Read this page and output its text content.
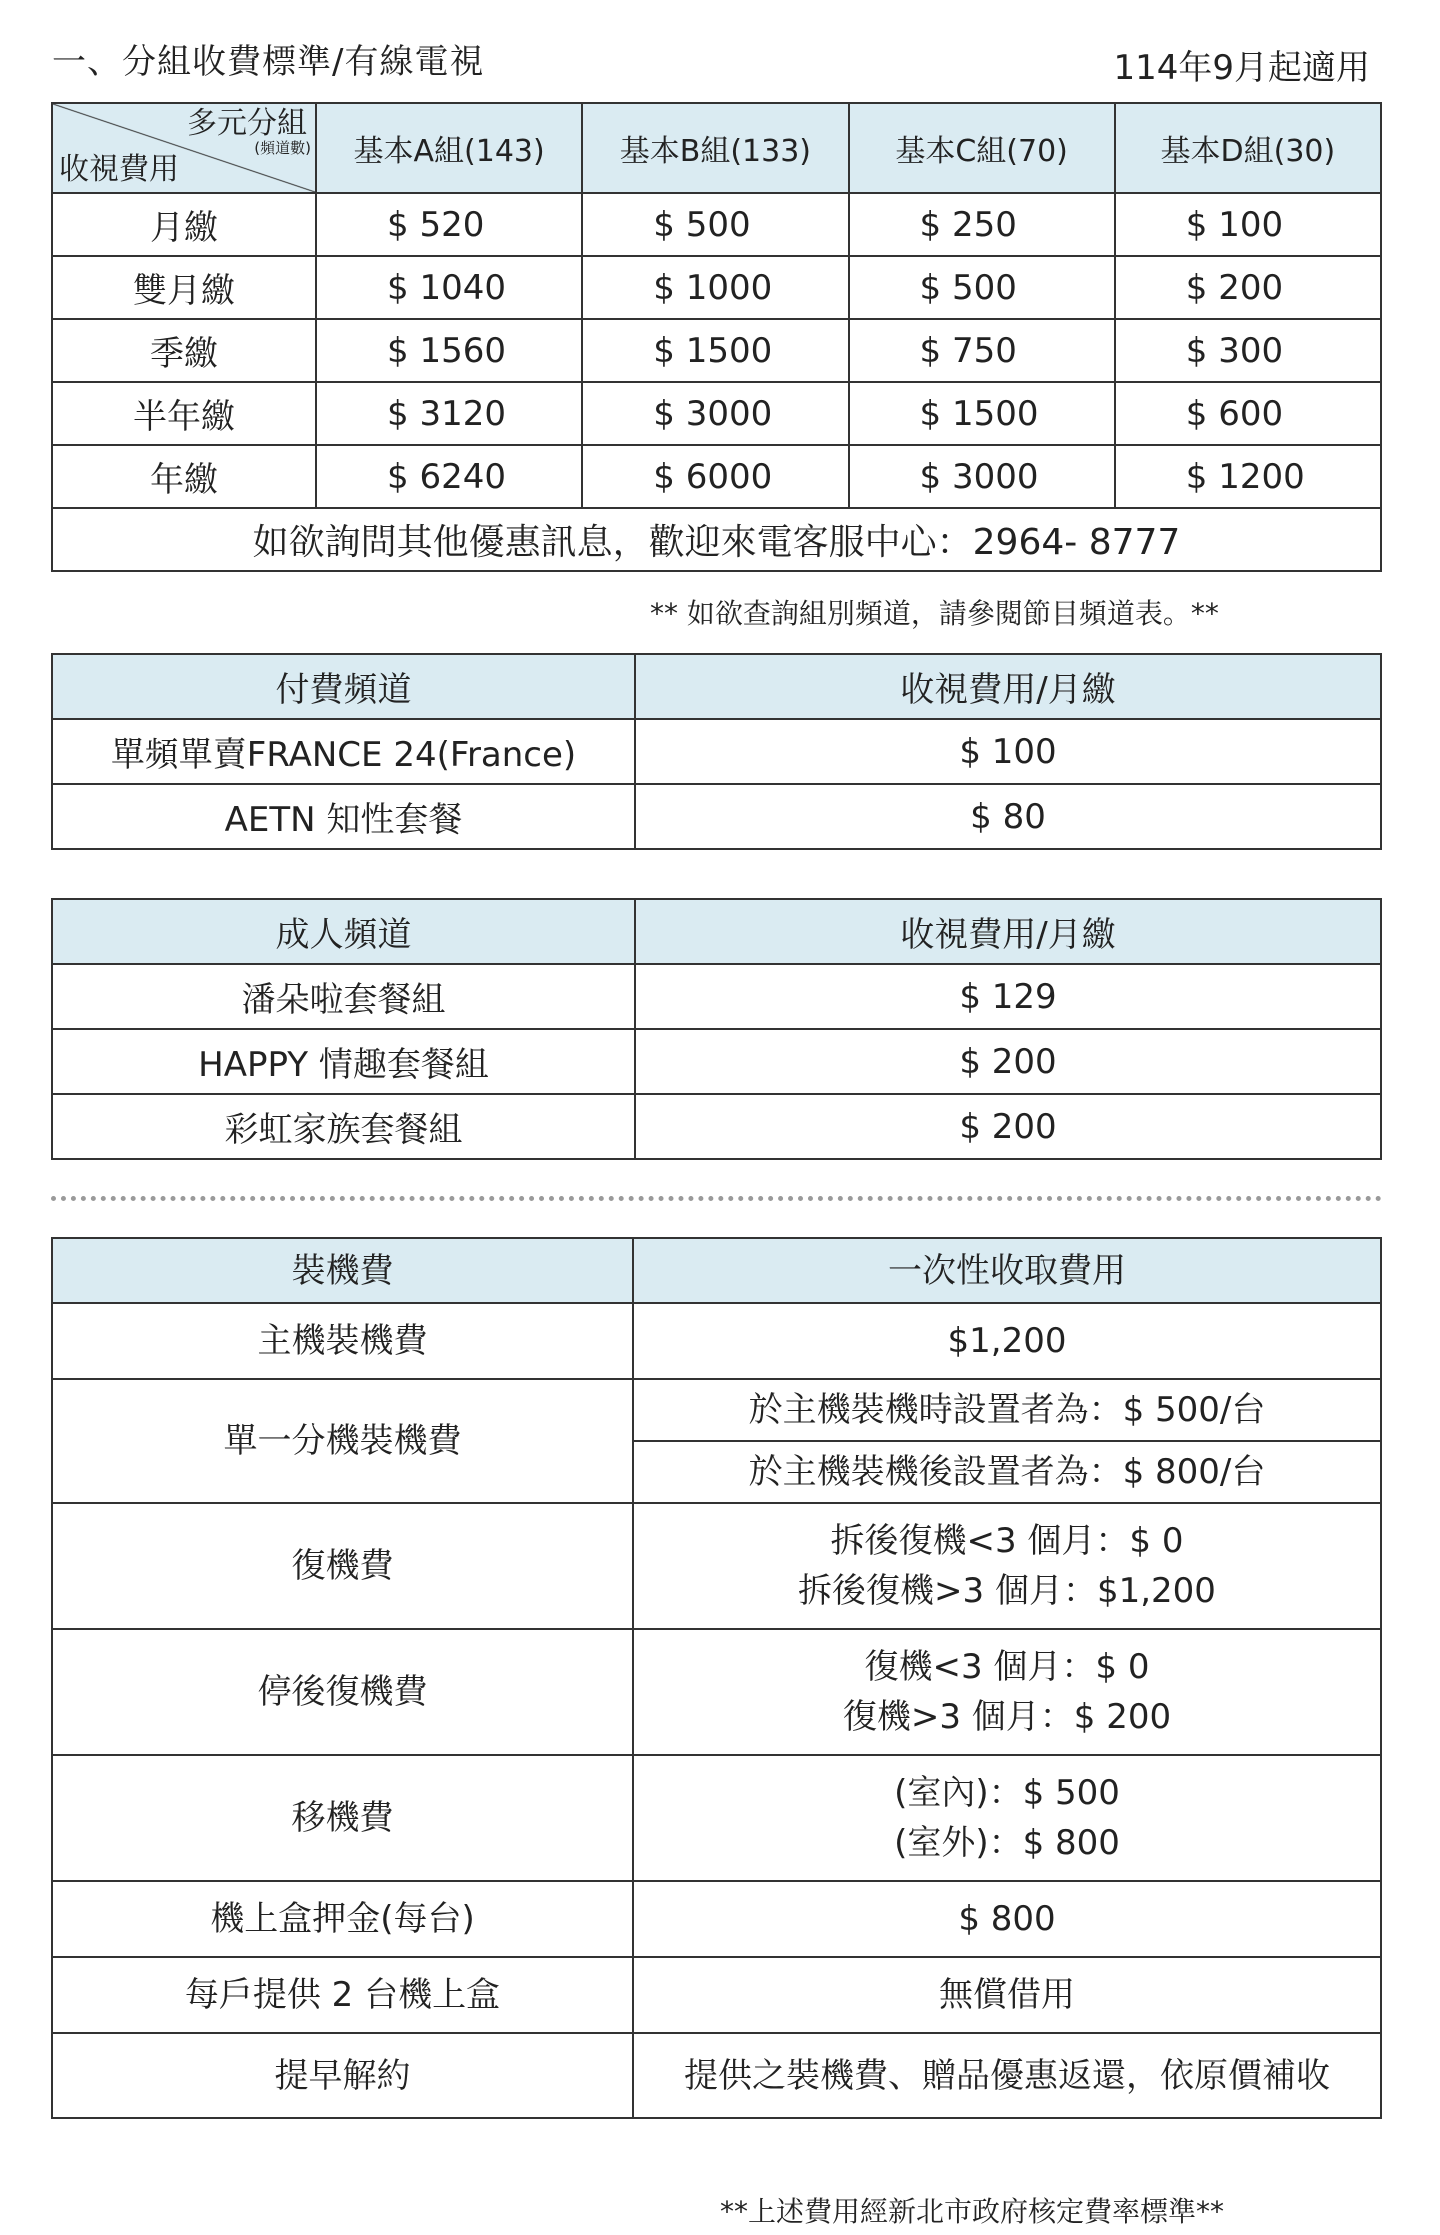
一、分組收費標準/有線電視	114年9月起適用
多元分組
(頻道數)
收視費用	基本A組(143)	基本B組(133)	基本C組(70)	基本D組(30)
月繳	$ 520	$ 500	$ 250	$ 100
雙月繳	$ 1040	$ 1000	$ 500	$ 200
季繳	$ 1560	$ 1500	$ 750	$ 300
半年繳	$ 3120	$ 3000	$ 1500	$ 600
年繳	$ 6240	$ 6000	$ 3000	$ 1200
如欲詢問其他優惠訊息，歡迎來電客服中心：2964- 8777				
** 如欲查詢組別頻道，請參閱節目頻道表。**
付費頻道	收視費用/月繳
單頻單賣FRANCE 24(France)	$ 100
AETN 知性套餐	$ 80
成人頻道	收視費用/月繳
潘朵啦套餐組	$ 129
HAPPY 情趣套餐組	$ 200
彩虹家族套餐組	$ 200
裝機費	一次性收取費用
主機裝機費	$1,200
單一分機裝機費	於主機裝機時設置者為：$ 500/台
	於主機裝機後設置者為：$ 800/台
復機費	拆後復機<3 個月：$ 0
拆後復機>3 個月：$1,200

停後復機費	復機<3 個月：$ 0
復機>3 個月：$ 200

移機費	(室內)：$ 500
(室外)：$ 800

機上盒押金(每台)	$ 800
每戶提供 2 台機上盒	無償借用
提早解約	提供之裝機費、贈品優惠返還，依原價補收
**上述費用經新北市政府核定費率標準**
